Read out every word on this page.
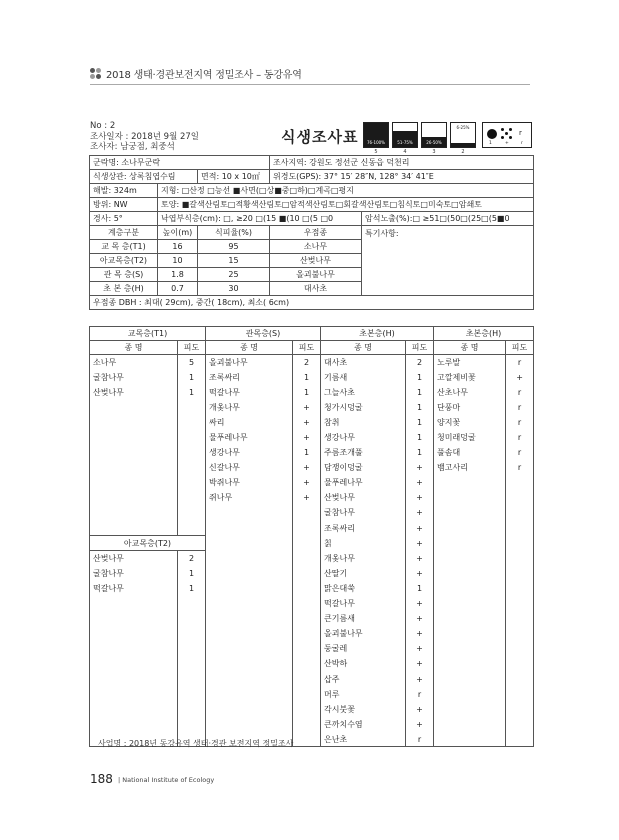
2018 생태·경관보전지역 정밀조사 – 동강유역
No : 2
조사일자 : 2018년 9월 27일
조사자: 남궁점, 최중석
식생조사표	76-100%
5
51-75%
4
26-50%
3
6-25%
2
r
1	+	r
군락명: 소나무군락			조사지역: 강원도 정선군 신동읍 덕천리	
식생상관: 상록침엽수림		면적: 10 x 10㎡	위경도(GPS): 37° 15′ 28″N, 128° 34′ 41″E	
해발: 324m	지형: □산정 □능선 ■사면(□상■중□하)□계곡□평지			
방위: NW	토양: ■갈색산림토□적황색산림토□암적색산림토□회갈색산림토□침식토□미숙토□암쇄토			
경사: 5°	낙엽부식층(cm): □, ≥20 □(15 ■(10 □(5 □0			암석노출(%):□ ≥51□(50□(25□(5■0
계층구분	높이(m)	식피율(%)	우점종	특기사항:
교 목 층(T1)	16	95	소나무	
아교목층(T2)	10	15	산벚나무	
관 목 층(S)	1.8	25	올괴불나무	
초 본 층(H)	0.7	30	대사초	
우점종 DBH : 최대( 29cm), 중간( 18cm), 최소( 6cm)				
교목층(T1)		관목층(S)		초본층(H)		초본층(H)	
종 명	피도	종 명	피도	종 명	피도	종 명	피도
소나무	5	올괴불나무	2	대사초	2	노루발	r
굴참나무	1	조록싸리	1	기름새	1	고깔제비꽃	+
산벚나무	1	떡갈나무	1	그늘사초	1	산초나무	r
		개옻나무	+	청가시덩굴	1	단풍마	r
		싸리	+	참취	1	양지꽃	r
		물푸레나무	+	생강나무	1	청미래덩굴	r
		생강나무	1	주름조개풀	1	풀솜대	r
		신갈나무	+	담쟁이덩굴	+	뱀고사리	r
		박쥐나무	+	물푸레나무	+		
		쥐나무	+	산벚나무	+		
				굴참나무	+		
				조록싸리	+		
아교목층(T2)				칡	+		
산벚나무	2			개옻나무	+		
굴참나무	1			산딸기	+		
떡갈나무	1			맑은대쑥	1		
				떡갈나무	+		
				큰기름새	+		
				올괴불나무	+		
				둥굴레	+		
				산박하	+		
				삽주	+		
				머루	r		
				각시붓꽃	+		
				큰까치수염	+		
				은난초	r		
사업명 : 2018년 동강유역 생태·경관 보전지역 정밀조사
188 | National Institute of Ecology
